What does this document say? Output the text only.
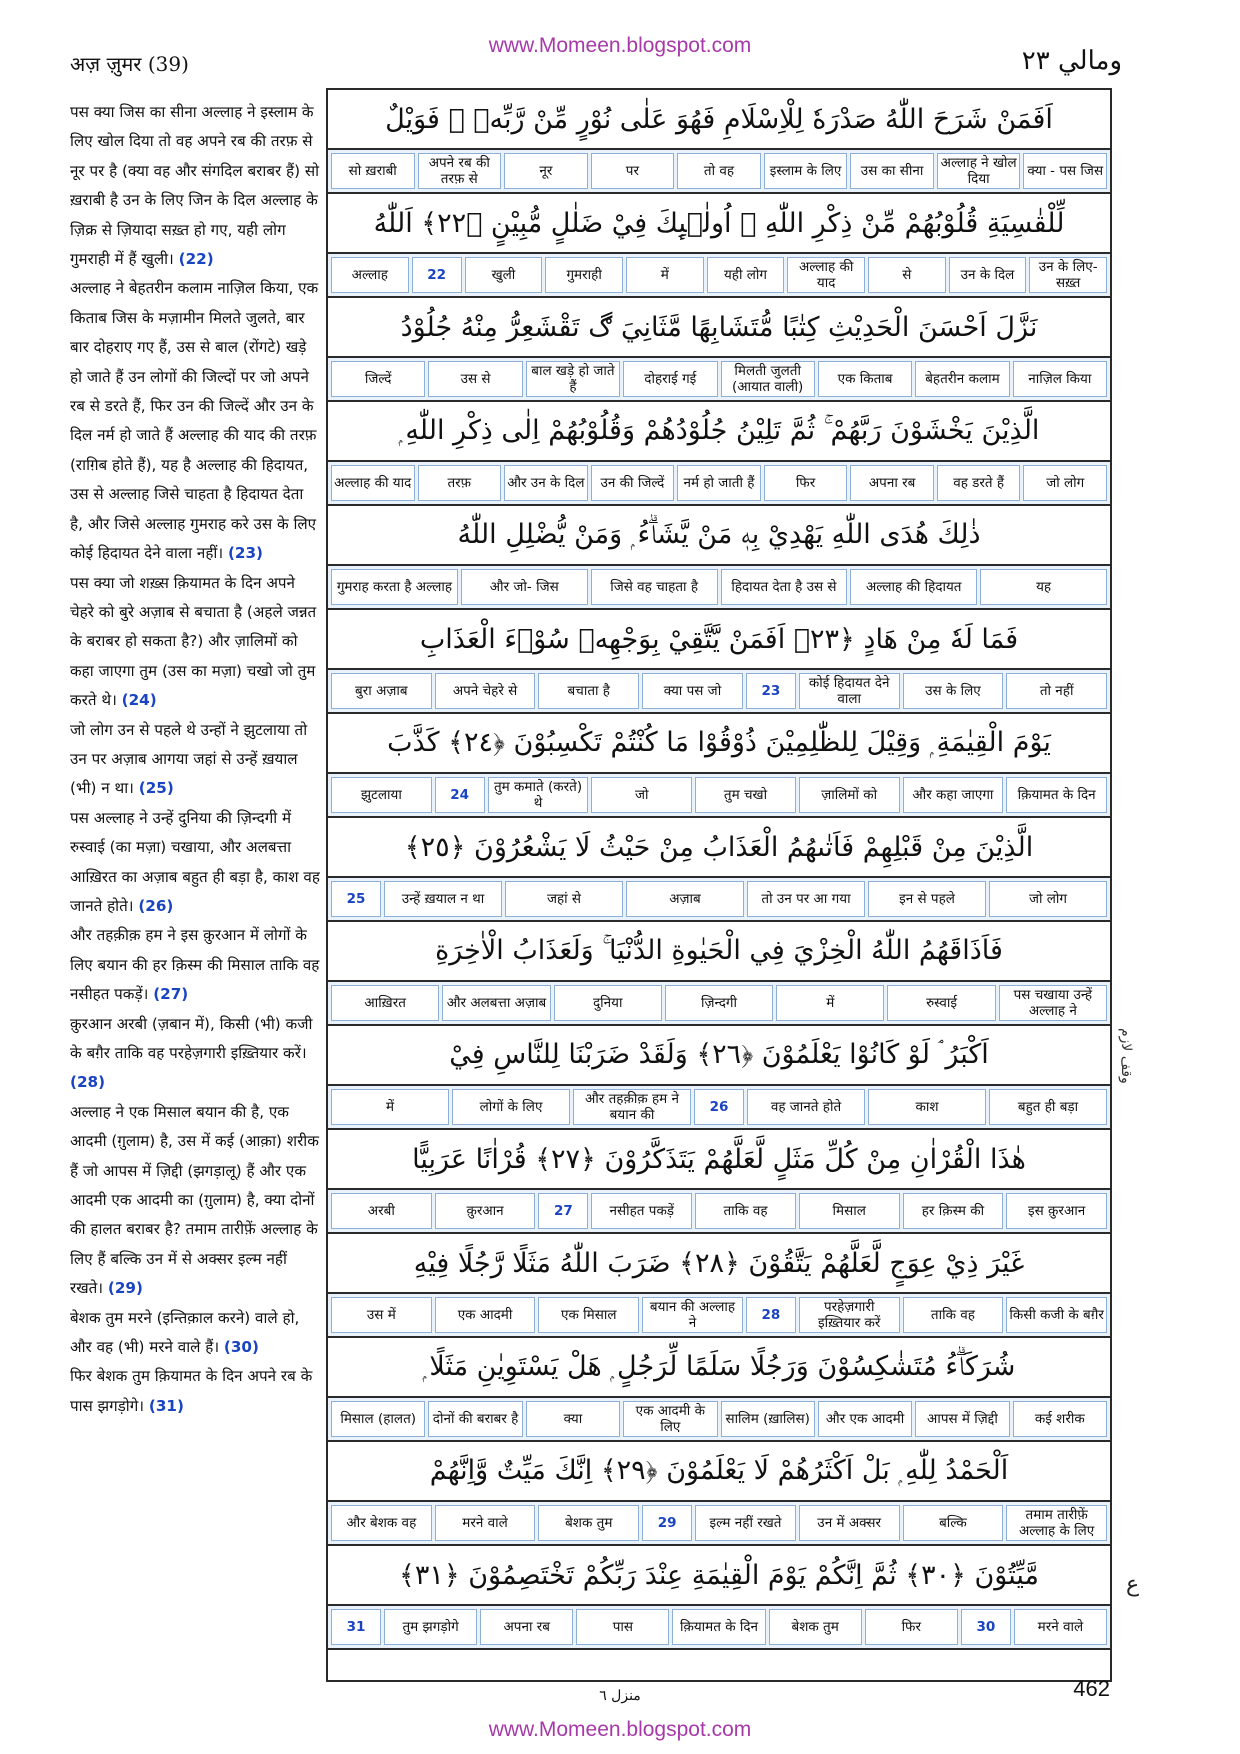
www.Momeen.blogspot.com
अज़ ज़ुमर (39)	ومالي ٢٣

पस क्या जिस का सीना अल्लाह ने इस्लाम के लिए खोल दिया तो वह अपने रब की तरफ़ से नूर पर है (क्या वह और संगदिल बराबर हैं) सो ख़राबी है उन के लिए जिन के दिल अल्लाह के ज़िक्र से ज़ियादा सख़्त हो गए, यही लोग गुमराही में हैं खुली। (22)

अल्लाह ने बेहतरीन कलाम नाज़िल किया, एक किताब जिस के मज़ामीन मिलते जुलते, बार बार दोहराए गए हैं, उस से बाल (रोंगटे) खड़े हो जाते हैं उन लोगों की जिल्दों पर जो अपने रब से डरते हैं, फिर उन की जिल्दें और उन के दिल नर्म हो जाते हैं अल्लाह की याद की तरफ़ (राग़िब होते हैं), यह है अल्लाह की हिदायत, उस से अल्लाह जिसे चाहता है हिदायत देता है, और जिसे अल्लाह गुमराह करे उस के लिए कोई हिदायत देने वाला नहीं। (23)

पस क्या जो शख़्स क़ियामत के दिन अपने चेहरे को बुरे अज़ाब से बचाता है (अहले जन्नत के बराबर हो सकता है?) और ज़ालिमों को कहा जाएगा तुम (उस का मज़ा) चखो जो तुम करते थे। (24)

जो लोग उन से पहले थे उन्हों ने झुटलाया तो उन पर अज़ाब आगया जहां से उन्हें ख़याल (भी) न था। (25)

पस अल्लाह ने उन्हें दुनिया की ज़िन्दगी में रुस्वाई (का मज़ा) चखाया, और अलबत्ता आख़िरत का अज़ाब बहुत ही बड़ा है, काश वह जानते होते। (26)

और तहक़ीक़ हम ने इस क़ुरआन में लोगों के लिए बयान की हर क़िस्म की मिसाल ताकि वह नसीहत पकड़ें। (27)

क़ुरआन अरबी (ज़बान में), किसी (भी) कजी के बग़ैर ताकि वह परहेज़गारी इख़्तियार करें। (28)

अल्लाह ने एक मिसाल बयान की है, एक आदमी (ग़ुलाम) है, उस में कई (आक़ा) शरीक हैं जो आपस में ज़िद्दी (झगड़ालू) हैं और एक आदमी एक आदमी का (ग़ुलाम) है, क्या दोनों की हालत बराबर है? तमाम तारीफ़ें अल्लाह के लिए हैं बल्कि उन में से अक्सर इल्म नहीं रखते। (29)

बेशक तुम मरने (इन्तिक़ाल करने) वाले हो, और वह (भी) मरने वाले हैं। (30)

फिर बेशक तुम क़ियामत के दिन अपने रब के पास झगड़ोगे। (31)

اَفَمَنْ شَرَحَ اللّٰهُ صَدْرَهٗ لِلْاِسْلَامِ فَهُوَ عَلٰى نُوْرٍ مِّنْ رَّبِّهٖ ۭ فَوَيْلٌ
क्या - पस जिस
अल्लाह ने खोल दिया
उस का सीना
इस्लाम के लिए
तो वह
पर
नूर
अपने रब की तरफ़ से
सो ख़राबी
لِّلْقٰسِيَةِ قُلُوْبُهُمْ مِّنْ ذِكْرِ اللّٰهِ ۭ اُولٰۗىِٕكَ فِيْ ضَلٰلٍ مُّبِيْنٍ ﴿٢٢﴾ اَللّٰهُ
उन के लिए- सख़्त
उन के दिल
से
अल्लाह की याद
यही लोग
में
गुमराही
खुली
22
अल्लाह
نَزَّلَ اَحْسَنَ الْحَدِيْثِ كِتٰبًا مُّتَشَابِهًا مَّثَانِيَ ڰ تَقْشَعِرُّ مِنْهُ جُلُوْدُ
नाज़िल किया
बेहतरीन कलाम
एक किताब
मिलती जुलती (आयात वाली)
दोहराई गई
बाल खड़े हो जाते हैं
उस से
जिल्दें
الَّذِيْنَ يَخْشَوْنَ رَبَّهُمْ ۚ ثُمَّ تَلِيْنُ جُلُوْدُهُمْ وَقُلُوْبُهُمْ اِلٰى ذِكْرِ اللّٰهِ ۭ
जो लोग
वह डरते हैं
अपना रब
फिर
नर्म हो जाती हैं
उन की जिल्दें
और उन के दिल
तरफ़
अल्लाह की याद
ذٰلِكَ هُدَى اللّٰهِ يَهْدِيْ بِهٖ مَنْ يَّشَاۗءُ ۭ وَمَنْ يُّضْلِلِ اللّٰهُ
यह
अल्लाह की हिदायत
हिदायत देता है उस से
जिसे वह चाहता है
और जो- जिस
गुमराह करता है अल्लाह
فَمَا لَهٗ مِنْ هَادٍ ﴿٢٣﴾ اَفَمَنْ يَّتَّقِيْ بِوَجْهِهٖ سُوْۗءَ الْعَذَابِ
तो नहीं
उस के लिए
कोई हिदायत देने वाला
23
क्या पस जो
बचाता है
अपने चेहरे से
बुरा अज़ाब
يَوْمَ الْقِيٰمَةِ ۭ وَقِيْلَ لِلظّٰلِمِيْنَ ذُوْقُوْا مَا كُنْتُمْ تَكْسِبُوْنَ ﴿٢٤﴾ كَذَّبَ
क़ियामत के दिन
और कहा जाएगा
ज़ालिमों को
तुम चखो
जो
तुम कमाते (करते) थे
24
झुटलाया
الَّذِيْنَ مِنْ قَبْلِهِمْ فَاَتٰىهُمُ الْعَذَابُ مِنْ حَيْثُ لَا يَشْعُرُوْنَ ﴿٢٥﴾
जो लोग
इन से पहले
तो उन पर आ गया
अज़ाब
जहां से
उन्हें ख़याल न था
25
فَاَذَاقَهُمُ اللّٰهُ الْخِزْيَ فِي الْحَيٰوةِ الدُّنْيَا ۚ وَلَعَذَابُ الْاٰخِرَةِ
पस चखाया उन्हें अल्लाह ने
रुस्वाई
में
ज़िन्दगी
दुनिया
और अलबत्ता अज़ाब
आख़िरत
اَكْبَرُ ۘ لَوْ كَانُوْا يَعْلَمُوْنَ ﴿٢٦﴾ وَلَقَدْ ضَرَبْنَا لِلنَّاسِ فِيْ
बहुत ही बड़ा
काश
वह जानते होते
26
और तहक़ीक़ हम ने बयान की
लोगों के लिए
में
هٰذَا الْقُرْاٰنِ مِنْ كُلِّ مَثَلٍ لَّعَلَّهُمْ يَتَذَكَّرُوْنَ ﴿٢٧﴾ قُرْاٰنًا عَرَبِيًّا
इस क़ुरआन
हर क़िस्म की
मिसाल
ताकि वह
नसीहत पकड़ें
27
क़ुरआन
अरबी
غَيْرَ ذِيْ عِوَجٍ لَّعَلَّهُمْ يَتَّقُوْنَ ﴿٢٨﴾ ضَرَبَ اللّٰهُ مَثَلًا رَّجُلًا فِيْهِ
किसी कजी के बग़ैर
ताकि वह
परहेज़गारी इख़्तियार करें
28
बयान की अल्लाह ने
एक मिसाल
एक आदमी
उस में
شُرَكَاۗءُ مُتَشٰكِسُوْنَ وَرَجُلًا سَلَمًا لِّرَجُلٍ ۭ هَلْ يَسْتَوِيٰنِ مَثَلًا ۭ
कई शरीक
आपस में ज़िद्दी
और एक आदमी
सालिम (ख़ालिस)
एक आदमी के लिए
क्या
दोनों की बराबर है
मिसाल (हालत)
اَلْحَمْدُ لِلّٰهِ ۭ بَلْ اَكْثَرُهُمْ لَا يَعْلَمُوْنَ ﴿٢٩﴾ اِنَّكَ مَيِّتٌ وَّاِنَّهُمْ
तमाम तारीफ़ें अल्लाह के लिए
बल्कि
उन में अक्सर
इल्म नहीं रखते
29
बेशक तुम
मरने वाले
और बेशक वह
مَّيِّتُوْنَ ﴿٣٠﴾ ثُمَّ اِنَّكُمْ يَوْمَ الْقِيٰمَةِ عِنْدَ رَبِّكُمْ تَخْتَصِمُوْنَ ﴿٣١﴾
मरने वाले
30
फिर
बेशक तुम
क़ियामत के दिन
पास
अपना रब
तुम झगड़ोगे
31
وقف لازم
ع
منزل ٦	462
www.Momeen.blogspot.com
